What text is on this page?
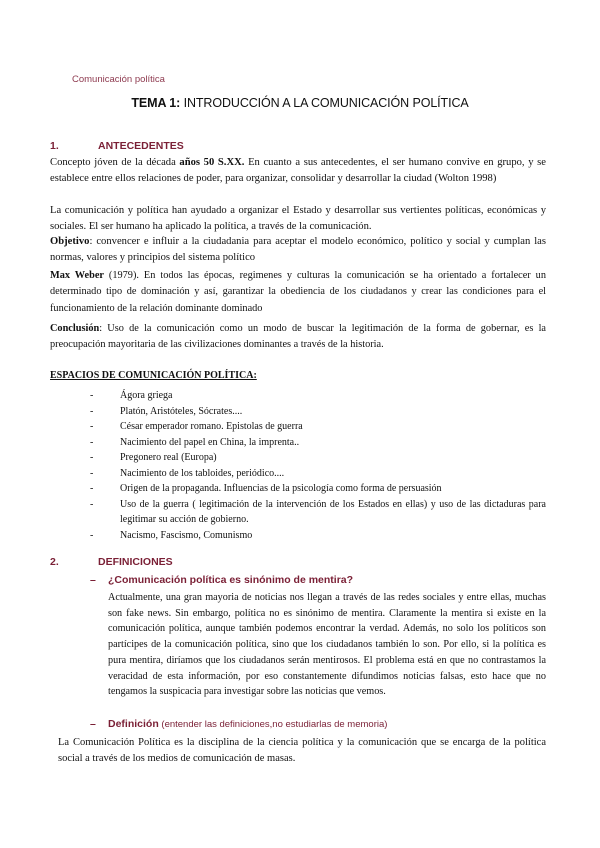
Comunicación política
TEMA 1: INTRODUCCIÓN A LA COMUNICACIÓN POLÍTICA
1.	ANTECEDENTES
Concepto jóven de la década años 50 S.XX. En cuanto a sus antecedentes, el ser humano convive en grupo, y se establece entre ellos relaciones de poder, para organizar, consolidar y desarrollar la ciudad (Wolton 1998)
La comunicación y política han ayudado a organizar el Estado y desarrollar sus vertientes políticas, económicas y sociales. El ser humano ha aplicado la política, a través de la comunicación.
Objetivo: convencer e influir a la ciudadania para aceptar el modelo económico, político y social y cumplan las normas, valores y principios del sistema político
Max Weber (1979). En todos las épocas, regimenes y culturas la comunicación se ha orientado a fortalecer un determinado tipo de dominación y así, garantizar la obediencia de los ciudadanos y crear las condiciones para el funcionamiento de la relación dominante dominado
Conclusión: Uso de la comunicación como un modo de buscar la legitimación de la forma de gobernar, es la preocupación mayoritaria de las civilizaciones dominantes a través de la historia.
ESPACIOS DE COMUNICACIÓN POLÍTICA:
-	Ágora griega
-	Platón, Aristóteles, Sócrates....
-	César emperador romano. Epistolas de guerra
-	Nacimiento del papel en China, la imprenta..
-	Pregonero real (Europa)
-	Nacimiento de los tabloides, periódico....
-	Origen de la propaganda. Influencias de la psicología como forma de persuasión
-	Uso de la guerra ( legitimación de la intervención de los Estados en ellas) y uso de las dictaduras para legitimar su acción de gobierno.
-	Nacismo, Fascismo, Comunismo
2.	DEFINICIONES
– ¿Comunicación política es sinónimo de mentira?
Actualmente, una gran mayoria de noticias nos llegan a través de las redes sociales y entre ellas, muchas son fake news. Sin embargo, política no es sinónimo de mentira. Claramente la mentira si existe en la comunicación política, aunque también podemos encontrar la verdad. Además, no solo los políticos son partícipes de la comunicación política, sino que los ciudadanos también lo son. Por ello, si la política es pura mentira, diríamos que los ciudadanos serán mentirosos. El problema está en que no contrastamos la veracidad de esta información, por eso constantemente difundimos noticias falsas, esto hace que no tengamos la suspicacia para investigar sobre las noticias que vemos.
– Definición (entender las definiciones,no estudiarlas de memoria)
La Comunicación Política es la disciplina de la ciencia política y la comunicación que se encarga de la política social a través de los medios de comunicación de masas.
